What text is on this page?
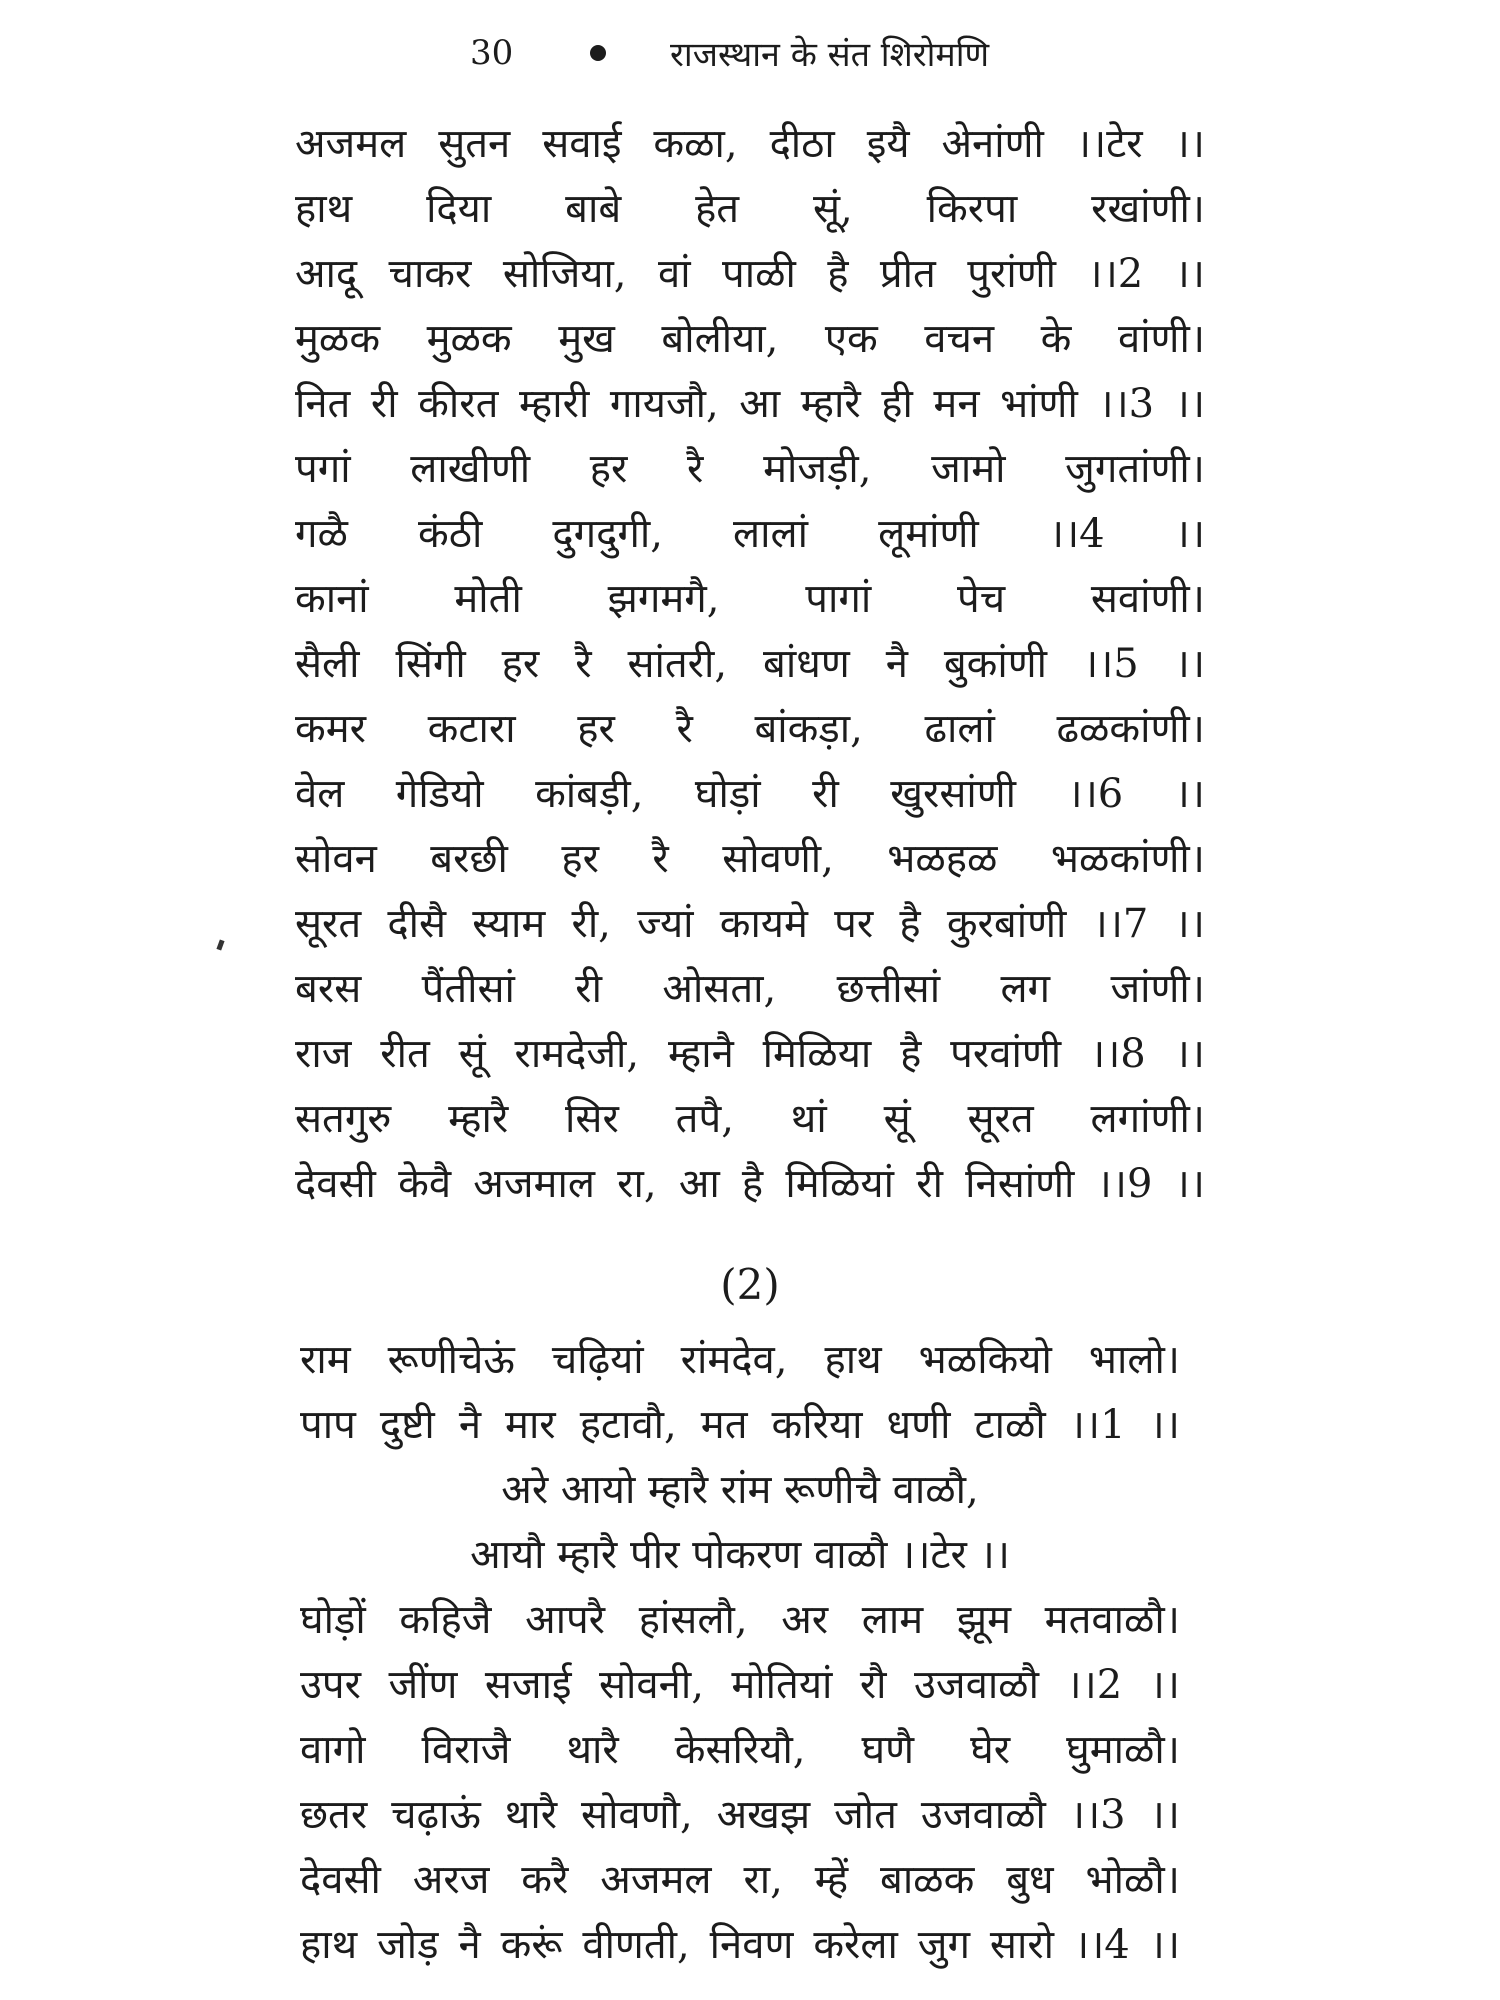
30	राजस्थान के संत शिरोमणि
अजमल सुतन सवाई कळा, दीठा इयै अेनांणी ।।टेर ।।
हाथ दिया बाबे हेत सूं, किरपा रखांणी।
आदू चाकर सोजिया, वां पाळी है प्रीत पुरांणी ।।2 ।।
मुळक मुळक मुख बोलीया, एक वचन के वांणी।
नित री कीरत म्हारी गायजौ, आ म्हारै ही मन भांणी ।।3 ।।
पगां लाखीणी हर रै मोजड़ी, जामो जुगतांणी।
गळै कंठी दुगदुगी, लालां लूमांणी ।।4 ।।
कानां मोती झगमगै, पागां पेच सवांणी।
सैली सिंगी हर रै सांतरी, बांधण नै बुकांणी ।।5 ।।
कमर कटारा हर रै बांकड़ा, ढालां ढळकांणी।
वेल गेडियो कांबड़ी, घोड़ां री खुरसांणी ।।6 ।।
सोवन बरछी हर रै सोवणी, भळहळ भळकांणी।
सूरत दीसै स्याम री, ज्यां कायमे पर है कुरबांणी ।।7 ।।
बरस पैंतीसां री ओसता, छत्तीसां लग जांणी।
राज रीत सूं रामदेजी, म्हानै मिळिया है परवांणी ।।8 ।।
सतगुरु म्हारै सिर तपै, थां सूं सूरत लगांणी।
देवसी केवै अजमाल रा, आ है मिळियां री निसांणी ।।9 ।।
(2)
राम रूणीचेऊं चढ़ियां रांमदेव, हाथ भळकियो भालो।
पाप दुष्टी नै मार हटावौ, मत करिया धणी टाळौ ।।1 ।।
अरे आयो म्हारै रांम रूणीचै वाळौ,
आयौ म्हारै पीर पोकरण वाळौ ।।टेर ।।
घोड़ों कहिजै आपरै हांसलौ, अर लाम झूम मतवाळौ।
उपर जींण सजाई सोवनी, मोतियां रौ उजवाळौ ।।2 ।।
वागो विराजै थारै केसरियौ, घणै घेर घुमाळौ।
छतर चढ़ाऊं थारै सोवणौ, अखझ जोत उजवाळौ ।।3 ।।
देवसी अरज करै अजमल रा, म्हें बाळक बुध भोळौ।
हाथ जोड़ नै करूं वीणती, निवण करेला जुग सारो ।।4 ।।
